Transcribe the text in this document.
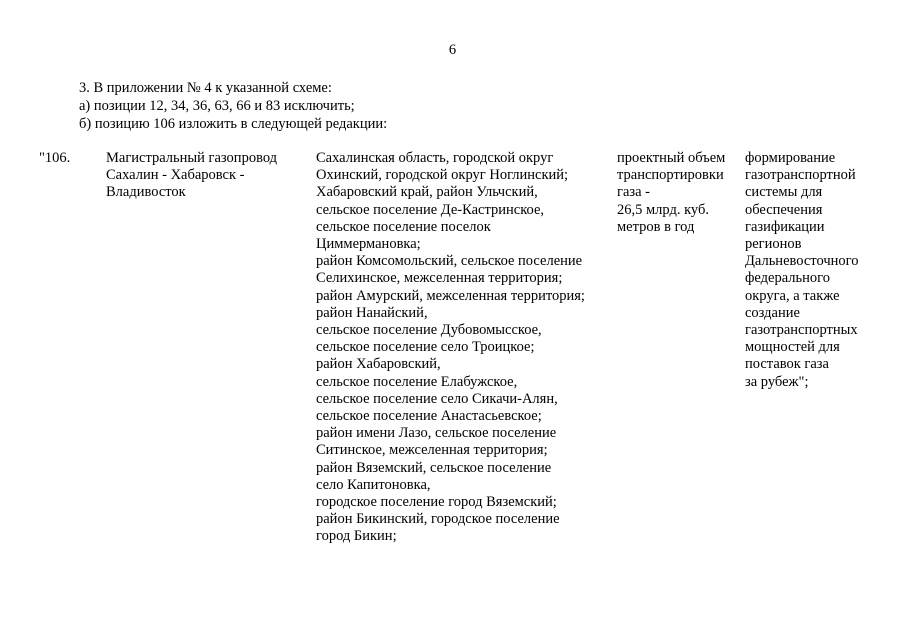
6
3. В приложении № 4 к указанной схеме:
а) позиции 12, 34, 36, 63, 66 и 83 исключить;
б) позицию 106 изложить в следующей редакции:
"106. Магистральный газопровод
Сахалин - Хабаровск -
Владивосток
Сахалинская область, городской округ
Охинский, городской округ Ноглинский;
Хабаровский край, район Ульчский,
сельское поселение Де-Кастринское,
сельское поселение поселок
Циммермановка;
район Комсомольский, сельское поселение
Селихинское, межселенная территория;
район Амурский, межселенная территория;
район Нанайский,
сельское поселение Дубовомысское,
сельское поселение село Троицкое;
район Хабаровский,
сельское поселение Елабужское,
сельское поселение село Сикачи-Алян,
сельское поселение Анастасьевское;
район имени Лазо, сельское поселение
Ситинское, межселенная территория;
район Вяземский, сельское поселение
село Капитоновка,
городское поселение город Вяземский;
район Бикинский, городское поселение
город Бикин;
проектный объем
транспортировки
газа -
26,5 млрд. куб.
метров в год
формирование
газотранспортной
системы для
обеспечения
газификации
регионов
Дальневосточного
федерального
округа, а также
создание
газотранспортных
мощностей для
поставок газа
за рубеж";
